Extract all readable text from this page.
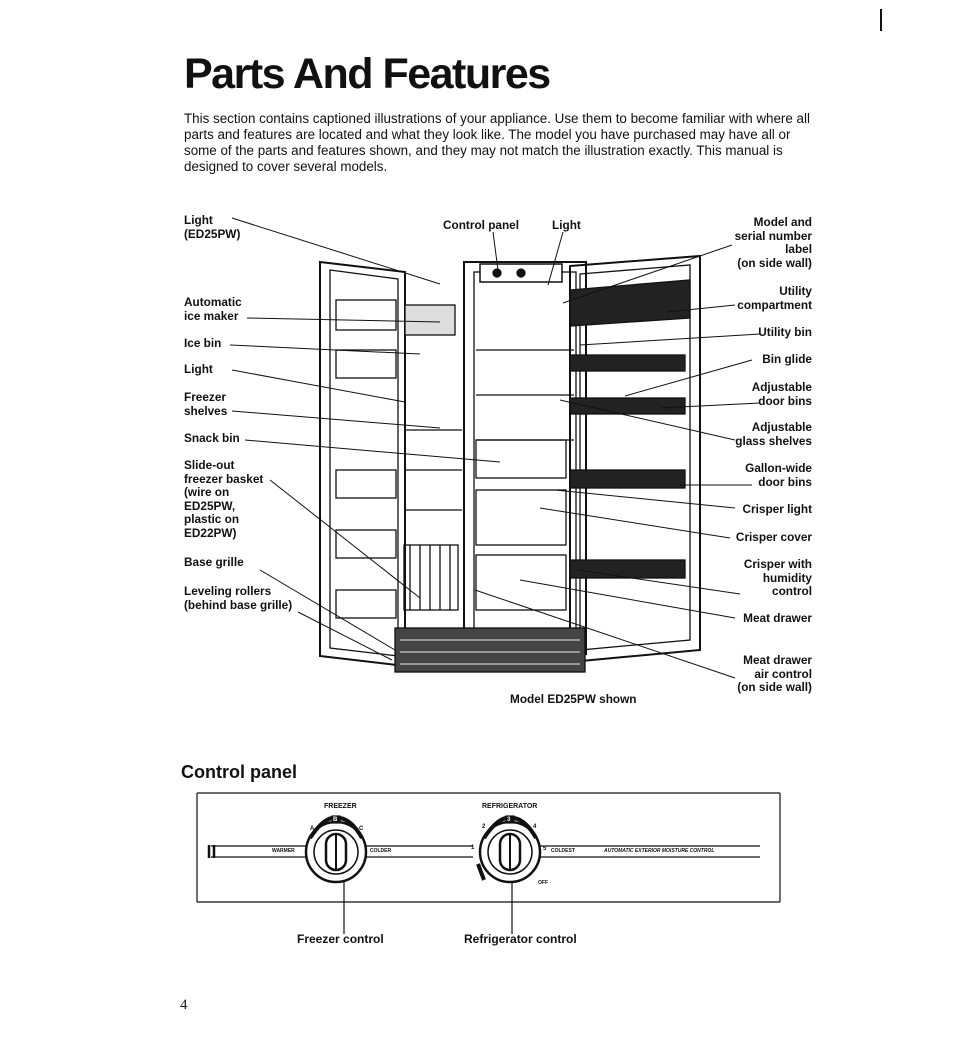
Parts And Features

This section contains captioned illustrations of your appliance. Use them to become familiar with where all parts and features are located and what they look like. The model you have purchased may have all or some of the parts and features shown, and they may not match the illustration exactly. This manual is designed to cover several models.

Light
(ED25PW)
Automatic
ice maker
Ice bin
Light
Freezer
shelves
Snack bin
Slide-out
freezer basket
(wire on
ED25PW,
plastic on
ED22PW)
Base grille
Leveling rollers
(behind base grille)
Control panel	Light	Model and
serial number
label
(on side wall)
Utility
compartment
Utility bin
Bin glide
Adjustable
door bins
Adjustable
glass shelves
Gallon-wide
door bins
Crisper light
Crisper cover
Crisper with
humidity
control
Meat drawer
Meat drawer
air control
(on side wall)
Model ED25PW shown
Control panel
FREEZER
WARMER	COLDER
A
B
C
REFRIGERATOR
1
2
3
4
5 COLDEST
OFF
AUTOMATIC EXTERIOR MOISTURE CONTROL
Freezer control	Refrigerator control
4
